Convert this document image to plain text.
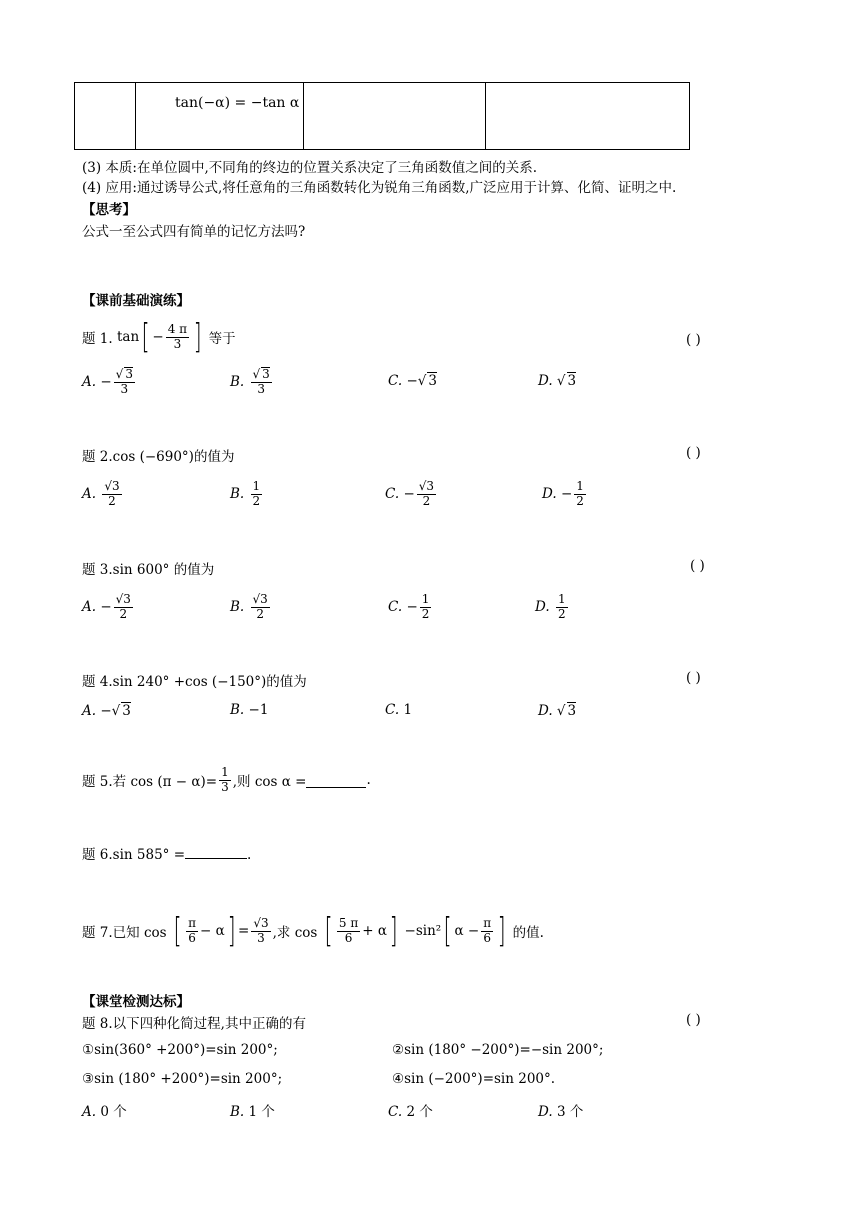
tan(−α) = −tan α
(3) 本质:在单位圆中,不同角的终边的位置关系决定了三角函数值之间的关系.
(4) 应用:通过诱导公式,将任意角的三角函数转化为锐角三角函数,广泛应用于计算、化简、证明之中.
【思考】
公式一至公式四有简单的记忆方法吗?
【课前基础演练】
题 1.
tan [ − $\frac{4 \pi}{3}$ ]
等于	( )
A.
− $\frac{√ 3}{3}$	B.
$\frac{√ 3}{3}$	C. −√ 3	D. √ 3
题 2.cos (−690°)的值为	( )
A.
$\frac{√3}{2}$	B.
$\frac{1}{2}$	C.
− $\frac{√3}{2}$	D.
− $\frac{1}{2}$
题 3.sin 600° 的值为	( )
A.
− $\frac{√3}{2}$	B.
$\frac{√3}{2}$	C.
− $\frac{1}{2}$	D.
$\frac{1}{2}$
题 4.sin 240° +cos (−150°)的值为	( )
A. −√ 3	B. −1	C. 1	D. √ 3
题 5.若 $\cos (\pi - \alpha)= \frac{1}{3}$ ,则 cos α =	.
题 6.sin 585° =	.
题 7.已知 cos
[ $\frac{\pi}{6} - \alpha$ ] = $\frac{√3}{3}$ ,求 cos
[ $\frac{5 \pi}{6} + \alpha$ ]
−sin² [ $\alpha - \frac{\pi}{6}$ ]
的值.
【课堂检测达标】
题 8.以下四种化简过程,其中正确的有	( )
①sin(360° +200°)=sin 200°;	②sin (180° −200°)=−sin 200°;
③sin (180° +200°)=sin 200°;	④sin (−200°)=sin 200°.
A. 0 个	B. 1 个	C. 2 个	D. 3 个
